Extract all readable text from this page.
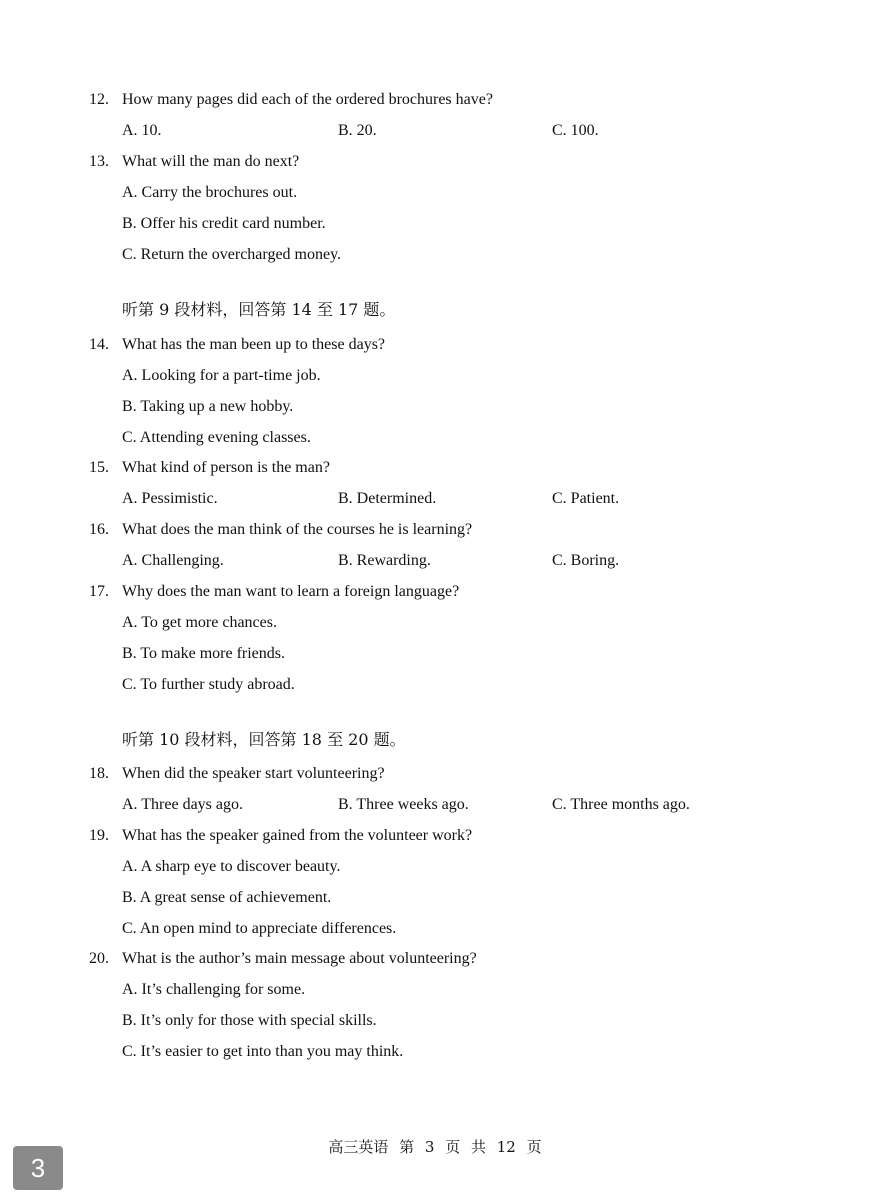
12. How many pages did each of the ordered brochures have?
A. 10.	B. 20.	C. 100.
13. What will the man do next?
A. Carry the brochures out.
B. Offer his credit card number.
C. Return the overcharged money.
听第 9 段材料，回答第 14 至 17 题。
14. What has the man been up to these days?
A. Looking for a part-time job.
B. Taking up a new hobby.
C. Attending evening classes.
15. What kind of person is the man?
A. Pessimistic.	B. Determined.	C. Patient.
16. What does the man think of the courses he is learning?
A. Challenging.	B. Rewarding.	C. Boring.
17. Why does the man want to learn a foreign language?
A. To get more chances.
B. To make more friends.
C. To further study abroad.
听第 10 段材料，回答第 18 至 20 题。
18. When did the speaker start volunteering?
A. Three days ago.	B. Three weeks ago.	C. Three months ago.
19. What has the speaker gained from the volunteer work?
A. A sharp eye to discover beauty.
B. A great sense of achievement.
C. An open mind to appreciate differences.
20. What is the author’s main message about volunteering?
A. It’s challenging for some.
B. It’s only for those with special skills.
C. It’s easier to get into than you may think.
高三英语 第 3 页 共 12 页
3
